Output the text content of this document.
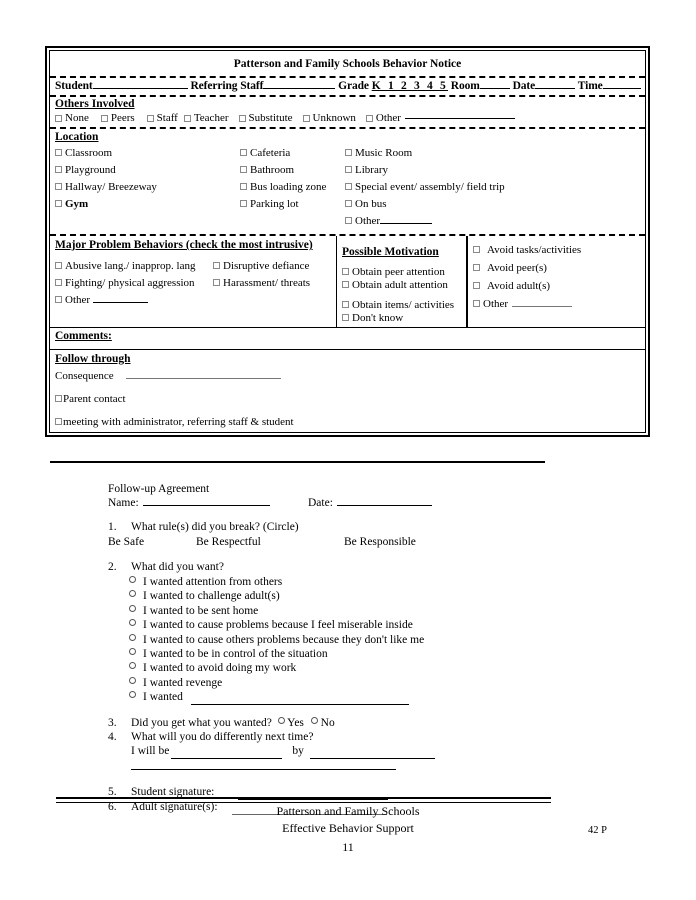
Patterson and Family Schools Behavior Notice
Student	Referring Staff	Grade K 1 2 3 4 5 Room	Date	Time
Others Involved
None Peers Staff Teacher Substitute Unknown Other
Location
Classroom
Playground
Hallway/ Breezeway
Gym
Cafeteria
Bathroom
Bus loading zone
Parking lot
Music Room
Library
Special event/ assembly/ field trip
On bus
Other
Major Problem Behaviors (check the most intrusive)
Abusive lang./ inapprop. lang
Fighting/ physical aggression
Other
Disruptive defiance
Harassment/ threats
Possible Motivation
Obtain peer attention
Obtain adult attention
Obtain items/ activities
Don't know
Avoid tasks/activities
Avoid peer(s)
Avoid adult(s)
Other
Comments:
Follow through
Consequence
Parent contact
meeting with administrator, referring staff & student
Follow-up Agreement
Name:	Date:
1.	What rule(s) did you break? (Circle)
Be Safe	Be Respectful	Be Responsible
2.	What did you want?
I wanted attention from others
I wanted to challenge adult(s)
I wanted to be sent home
I wanted to cause problems because I feel miserable inside
I wanted to cause others problems because they don't like me
I wanted to be in control of the situation
I wanted to avoid doing my work
I wanted revenge
I wanted
3.	Did you get what you wanted? Yes No
4.	What will you do differently next time?
I will be	by
5.	Student signature:
6.	Adult signature(s):	Patterson and Family Schools
Effective Behavior Support
11
42 P
